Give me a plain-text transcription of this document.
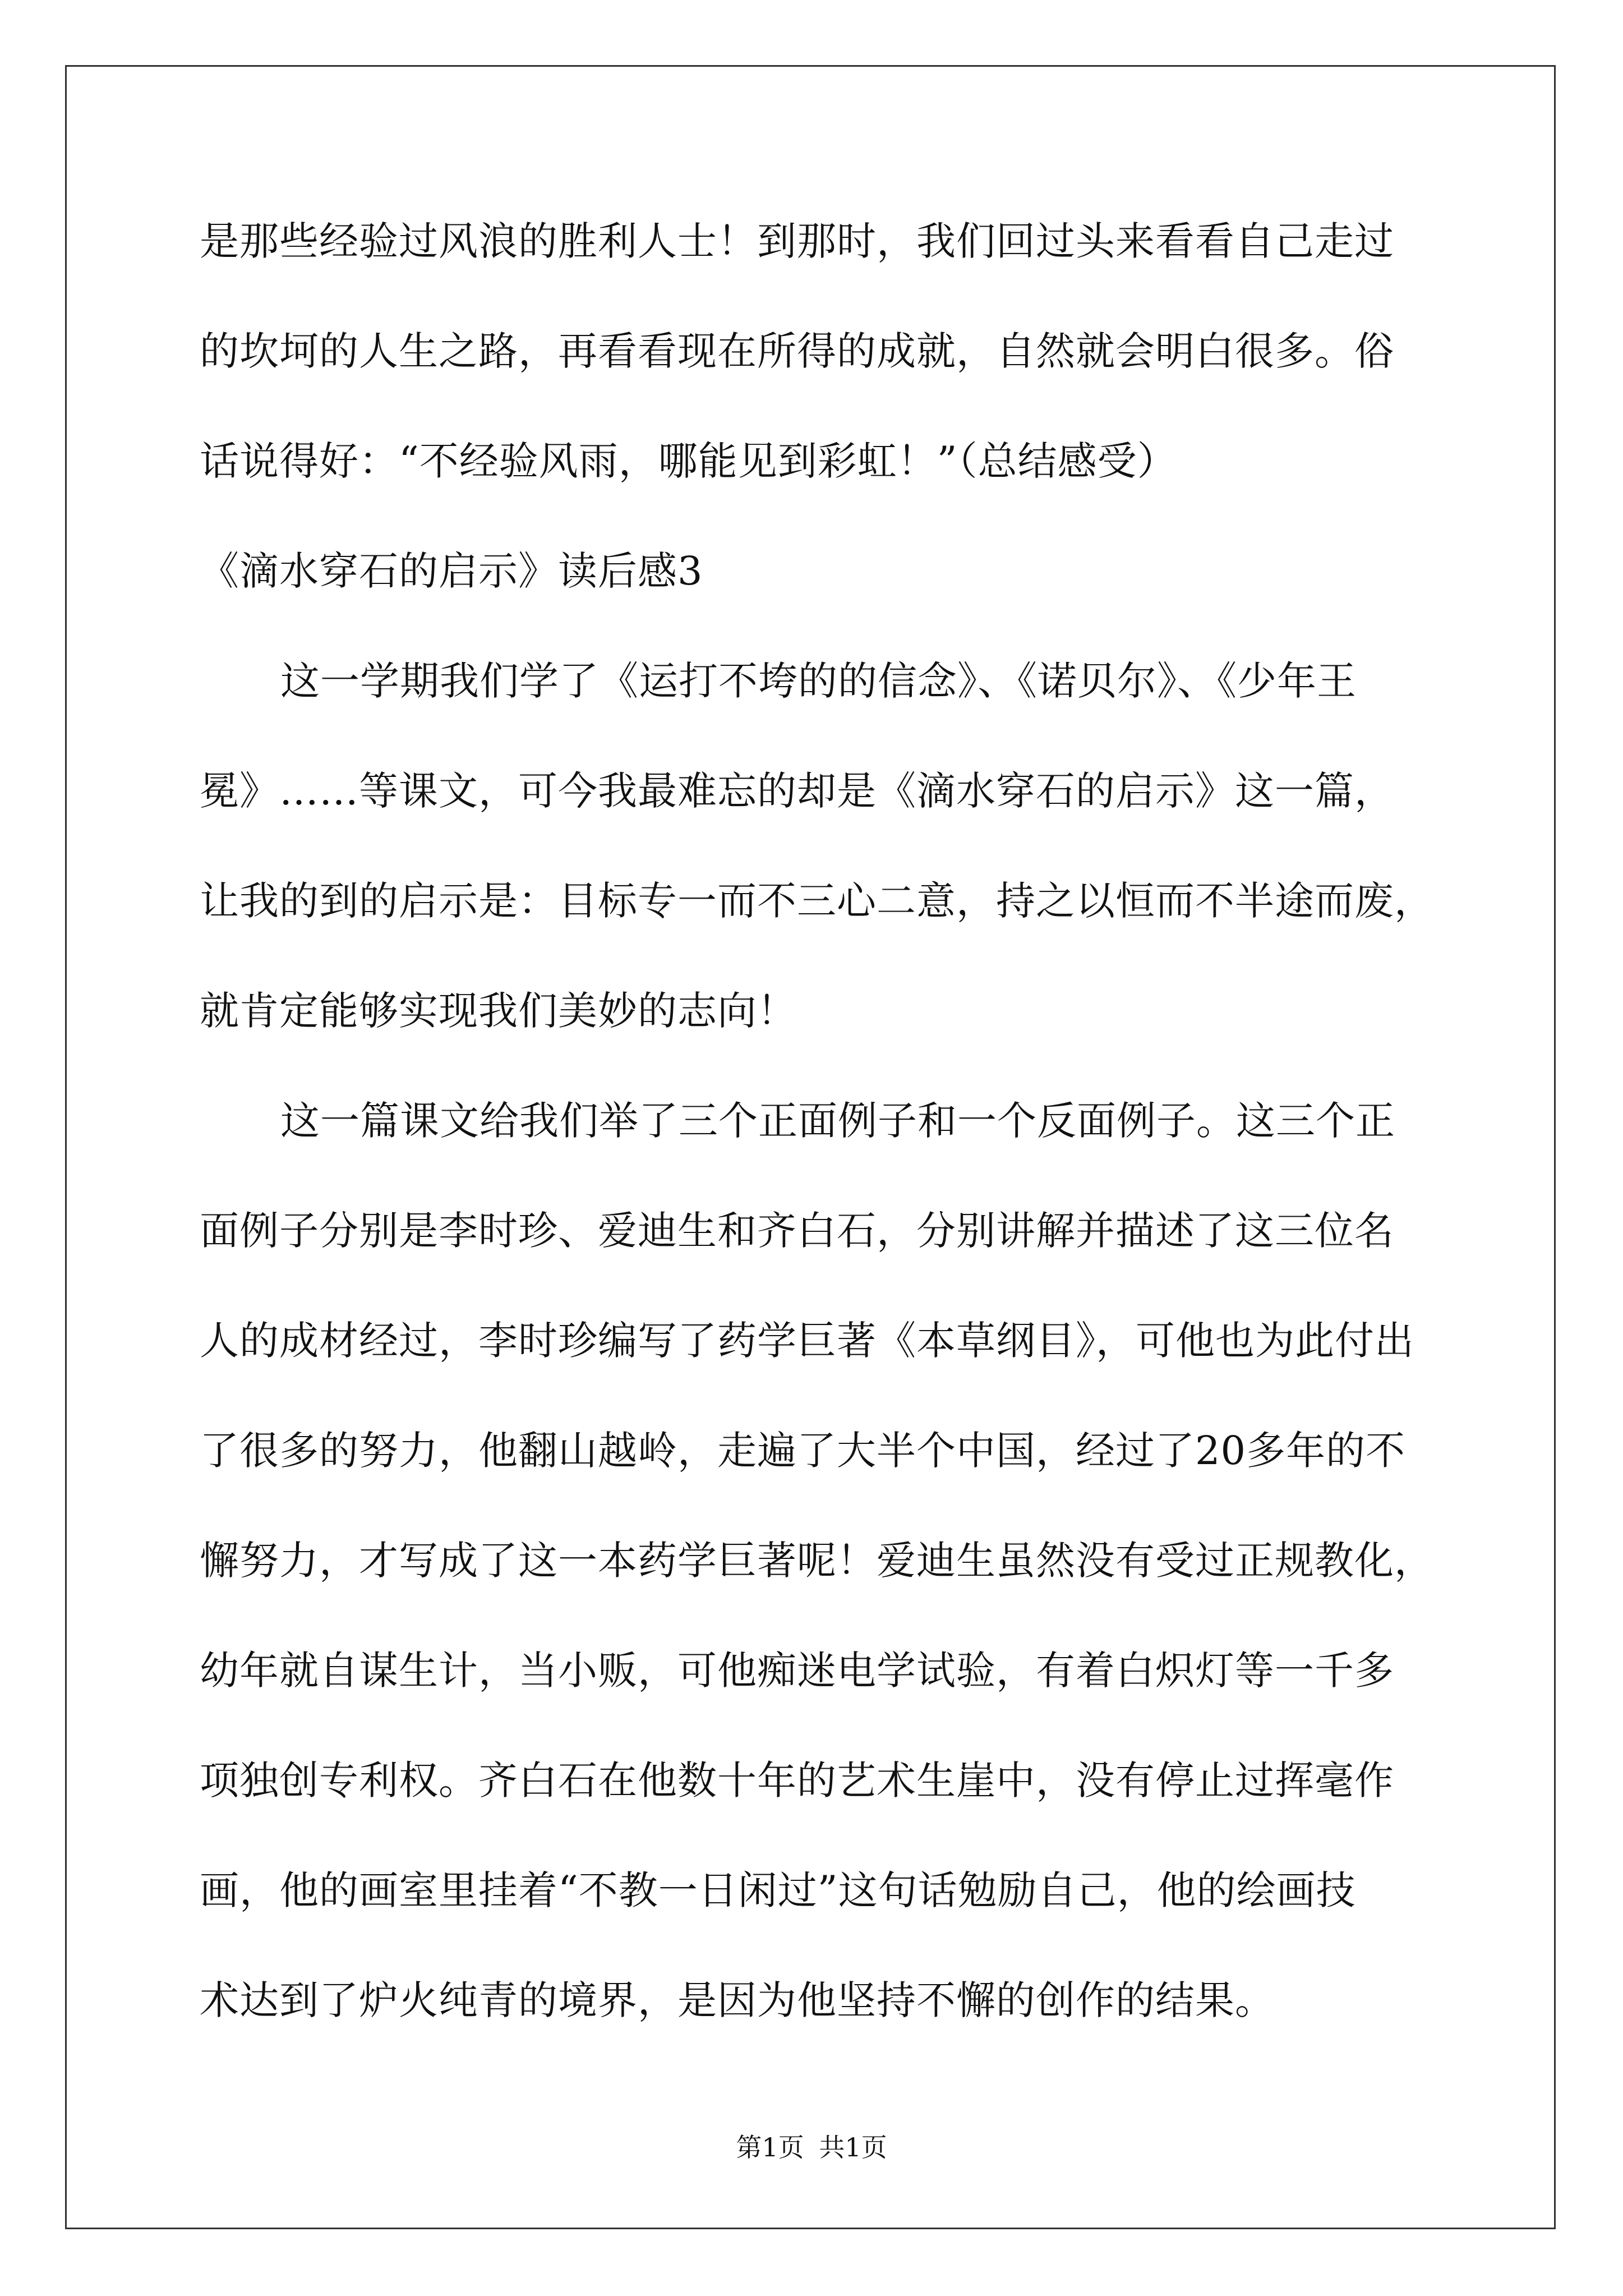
是那些经验过风浪的胜利人士！到那时，我们回过头来看看自己走过

的坎坷的人生之路，再看看现在所得的成就，自然就会明白很多。俗

话说得好：“不经验风雨，哪能见到彩虹！”（总结感受）

《滴水穿石的启示》读后感3

这一学期我们学了《运打不垮的的信念》、《诺贝尔》、《少年王

冕》……等课文，可今我最难忘的却是《滴水穿石的启示》这一篇，

让我的到的启示是：目标专一而不三心二意，持之以恒而不半途而废，

就肯定能够实现我们美妙的志向！

这一篇课文给我们举了三个正面例子和一个反面例子。这三个正

面例子分别是李时珍、爱迪生和齐白石，分别讲解并描述了这三位名

人的成材经过，李时珍编写了药学巨著《本草纲目》，可他也为此付出

了很多的努力，他翻山越岭，走遍了大半个中国，经过了20多年的不

懈努力，才写成了这一本药学巨著呢！爱迪生虽然没有受过正规教化，

幼年就自谋生计，当小贩，可他痴迷电学试验，有着白炽灯等一千多

项独创专利权。齐白石在他数十年的艺术生崖中，没有停止过挥毫作

画，他的画室里挂着“不教一日闲过”这句话勉励自己，他的绘画技

术达到了炉火纯青的境界，是因为他坚持不懈的创作的结果。

第1页 共1页
